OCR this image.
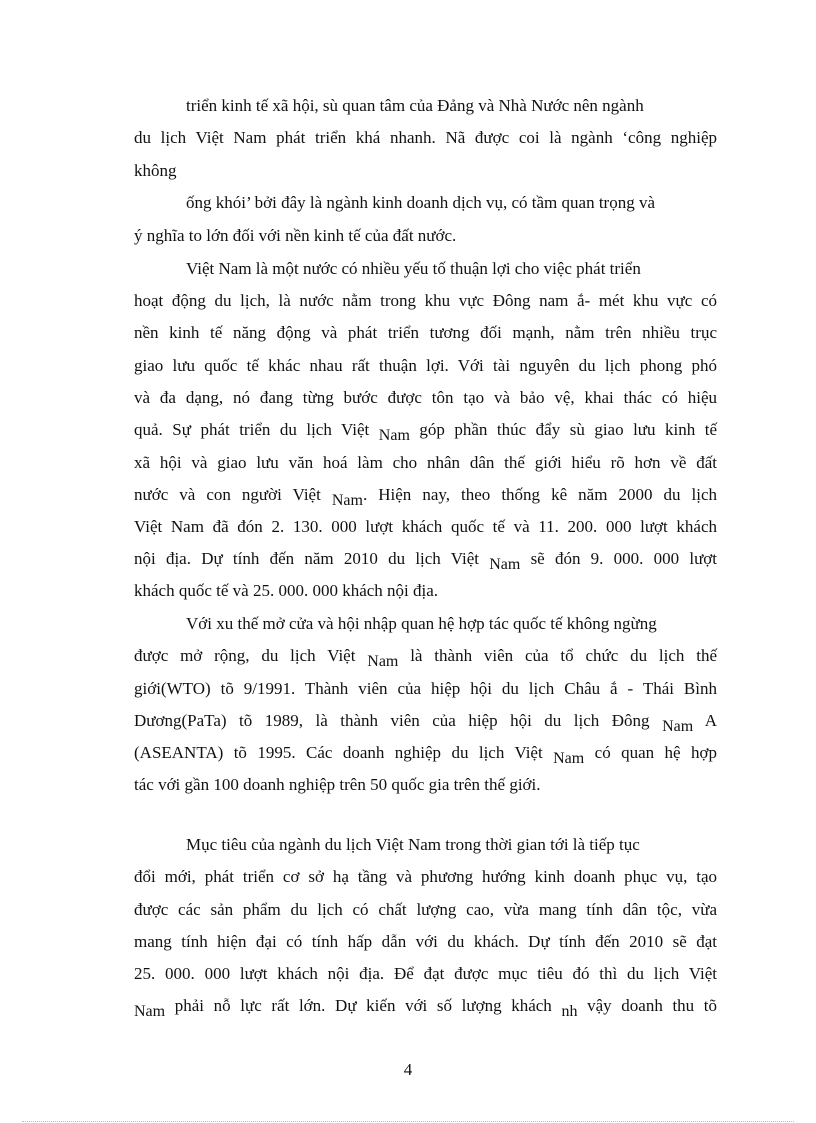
triển kinh tế xã hội, sù quan tâm của Đảng và Nhà Nước nên ngành
du lịch Việt Nam phát triển khá nhanh. Nã được coi là ngành ‘công nghiệp
không
ống khói’ bởi đây là ngành kinh doanh dịch vụ, có tầm quan trọng và
ý nghĩa to lớn đối với nền kinh tế của đất nước.
Việt Nam là một nước có nhiều yếu tố thuận lợi cho việc phát triển
hoạt động du lịch, là nước nằm trong khu vực Đông nam ắ- mét khu vực có
nền kinh tế năng động và phát triển tương đối mạnh, nằm trên nhiều trục
giao lưu quốc tế khác nhau rất thuận lợi. Với tài nguyên du lịch phong phó
và đa dạng, nó đang từng bước được tôn tạo và bảo vệ, khai thác có hiệu
quả. Sự phát triển du lịch Việt Nam góp phần thúc đẩy sù giao lưu kinh tế
xã hội và giao lưu văn hoá làm cho nhân dân thế giới hiểu rõ hơn về đất
nước và con người Việt Nam. Hiện nay, theo thống kê năm 2000 du lịch
Việt Nam đã đón 2. 130. 000 lượt khách quốc tế và 11. 200. 000 lượt khách
nội địa. Dự tính đến năm 2010 du lịch Việt Nam sẽ đón 9. 000. 000 lượt
khách quốc tế và 25. 000. 000 khách nội địa.
Với xu thế mở cửa và hội nhập quan hệ hợp tác quốc tế không ngừng
được mở rộng, du lịch Việt Nam là thành viên của tổ chức du lịch thế
giới(WTO) tõ 9/1991. Thành viên của hiệp hội du lịch Châu ắ - Thái Bình
Dương(PaTa) tõ 1989, là thành viên của hiệp hội du lịch Đông Nam A
(ASEANTA) tõ 1995. Các doanh nghiệp du lịch Việt Nam có quan hệ hợp
tác với gần 100 doanh nghiệp trên 50 quốc gia trên thế giới.
Mục tiêu của ngành du lịch Việt Nam trong thời gian tới là tiếp tục
đổi mới, phát triển cơ sở hạ tầng và phương hướng kinh doanh phục vụ, tạo
được các sản phẩm du lịch có chất lượng cao, vừa mang tính dân tộc, vừa
mang tính hiện đại có tính hấp dẫn với du khách. Dự tính đến 2010 sẽ đạt
25. 000. 000 lượt khách nội địa. Để đạt được mục tiêu đó thì du lịch Việt
Nam phải nỗ lực rất lớn. Dự kiến với số lượng khách nh vậy doanh thu tõ
4
